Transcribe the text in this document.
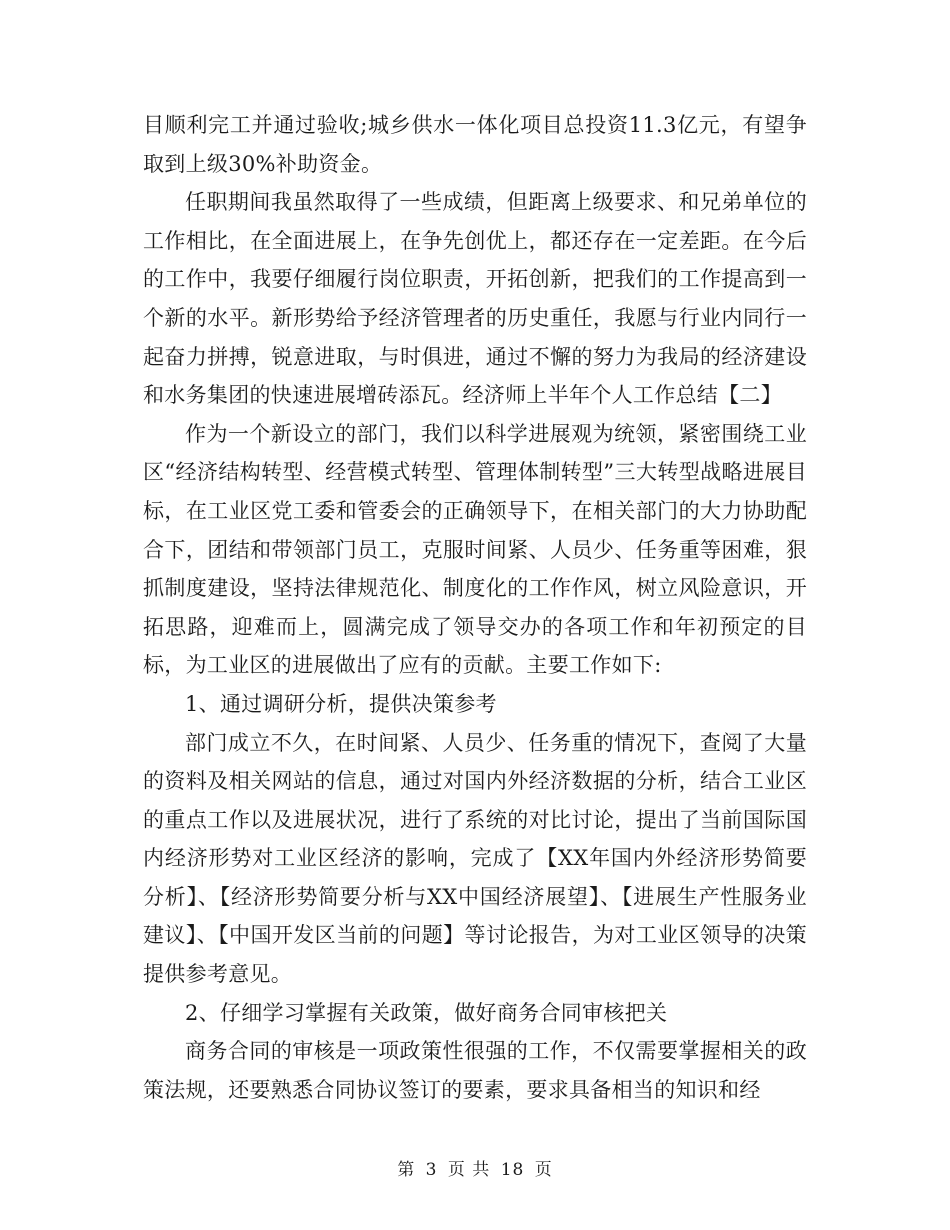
目顺利完工并通过验收;城乡供水一体化项目总投资11.3亿元，有望争取到上级30%补助资金。

任职期间我虽然取得了一些成绩，但距离上级要求、和兄弟单位的工作相比，在全面进展上，在争先创优上，都还存在一定差距。在今后的工作中，我要仔细履行岗位职责，开拓创新，把我们的工作提高到一个新的水平。新形势给予经济管理者的历史重任，我愿与行业内同行一起奋力拼搏，锐意进取，与时俱进，通过不懈的努力为我局的经济建设和水务集团的快速进展增砖添瓦。经济师上半年个人工作总结【二】

作为一个新设立的部门，我们以科学进展观为统领，紧密围绕工业区“经济结构转型、经营模式转型、管理体制转型”三大转型战略进展目标，在工业区党工委和管委会的正确领导下，在相关部门的大力协助配合下，团结和带领部门员工，克服时间紧、人员少、任务重等困难，狠抓制度建设，坚持法律规范化、制度化的工作作风，树立风险意识，开拓思路，迎难而上，圆满完成了领导交办的各项工作和年初预定的目标，为工业区的进展做出了应有的贡献。主要工作如下:

1、通过调研分析，提供决策参考

部门成立不久，在时间紧、人员少、任务重的情况下，查阅了大量的资料及相关网站的信息，通过对国内外经济数据的分析，结合工业区的重点工作以及进展状况，进行了系统的对比讨论，提出了当前国际国内经济形势对工业区经济的影响，完成了【XX年国内外经济形势简要分析】、【经济形势简要分析与XX中国经济展望】、【进展生产性服务业建议】、【中国开发区当前的问题】等讨论报告，为对工业区领导的决策提供参考意见。

2、仔细学习掌握有关政策，做好商务合同审核把关

商务合同的审核是一项政策性很强的工作，不仅需要掌握相关的政策法规，还要熟悉合同协议签订的要素，要求具备相当的知识和经

第 3 页 共 18 页
